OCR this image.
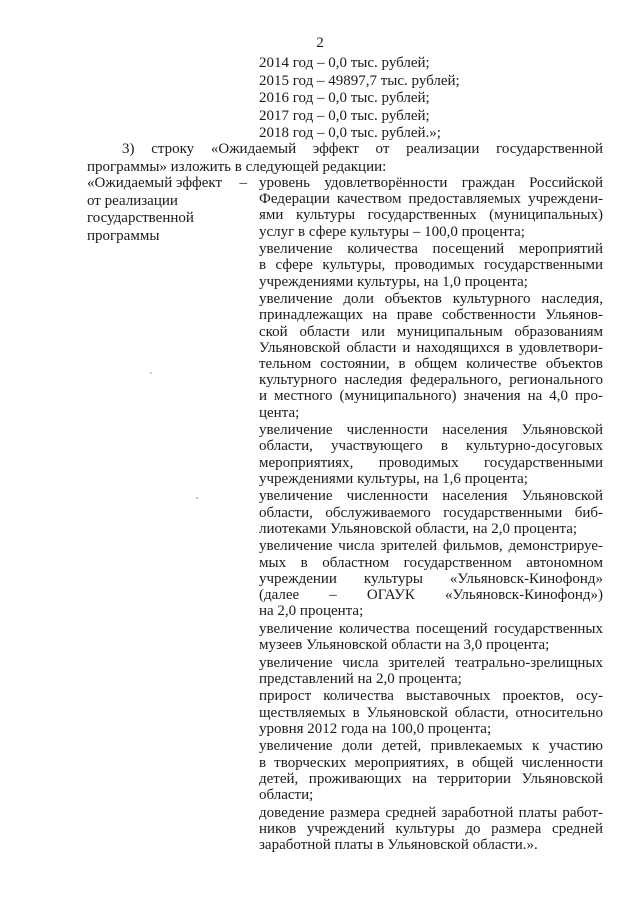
2
2014 год – 0,0 тыс. рублей;
2015 год – 49897,7 тыс. рублей;
2016 год – 0,0 тыс. рублей;
2017 год – 0,0 тыс. рублей;
2018 год – 0,0 тыс. рублей.»;
3) строку «Ожидаемый эффект от реализации государственной программы» изложить в следующей редакции:
«Ожидаемый эффект –
от реализации
государственной
программы
уровень удовлетворённости граждан Российской
Федерации качеством предоставляемых учреждени-
ями культуры государственных (муниципальных)
услуг в сфере культуры – 100,0 процента;
увеличение количества посещений мероприятий
в сфере культуры, проводимых государственными
учреждениями культуры, на 1,0 процента;
увеличение доли объектов культурного наследия,
принадлежащих на праве собственности Ульянов-
ской области или муниципальным образованиям
Ульяновской области и находящихся в удовлетвори-
тельном состоянии, в общем количестве объектов
культурного наследия федерального, регионального
и местного (муниципального) значения на 4,0 про-
цента;
увеличение численности населения Ульяновской
области, участвующего в культурно-досуговых
мероприятиях, проводимых государственными
учреждениями культуры, на 1,6 процента;
увеличение численности населения Ульяновской
области, обслуживаемого государственными биб-
лиотеками Ульяновской области, на 2,0 процента;
увеличение числа зрителей фильмов, демонстрируе-
мых в областном государственном автономном
учреждении культуры «Ульяновск-Кинофонд»
(далее – ОГАУК «Ульяновск-Кинофонд»)
на 2,0 процента;
увеличение количества посещений государственных
музеев Ульяновской области на 3,0 процента;
увеличение числа зрителей театрально-зрелищных
представлений на 2,0 процента;
прирост количества выставочных проектов, осу-
ществляемых в Ульяновской области, относительно
уровня 2012 года на 100,0 процента;
увеличение доли детей, привлекаемых к участию
в творческих мероприятиях, в общей численности
детей, проживающих на территории Ульяновской
области;
доведение размера средней заработной платы работ-
ников учреждений культуры до размера средней
заработной платы в Ульяновской области.».
